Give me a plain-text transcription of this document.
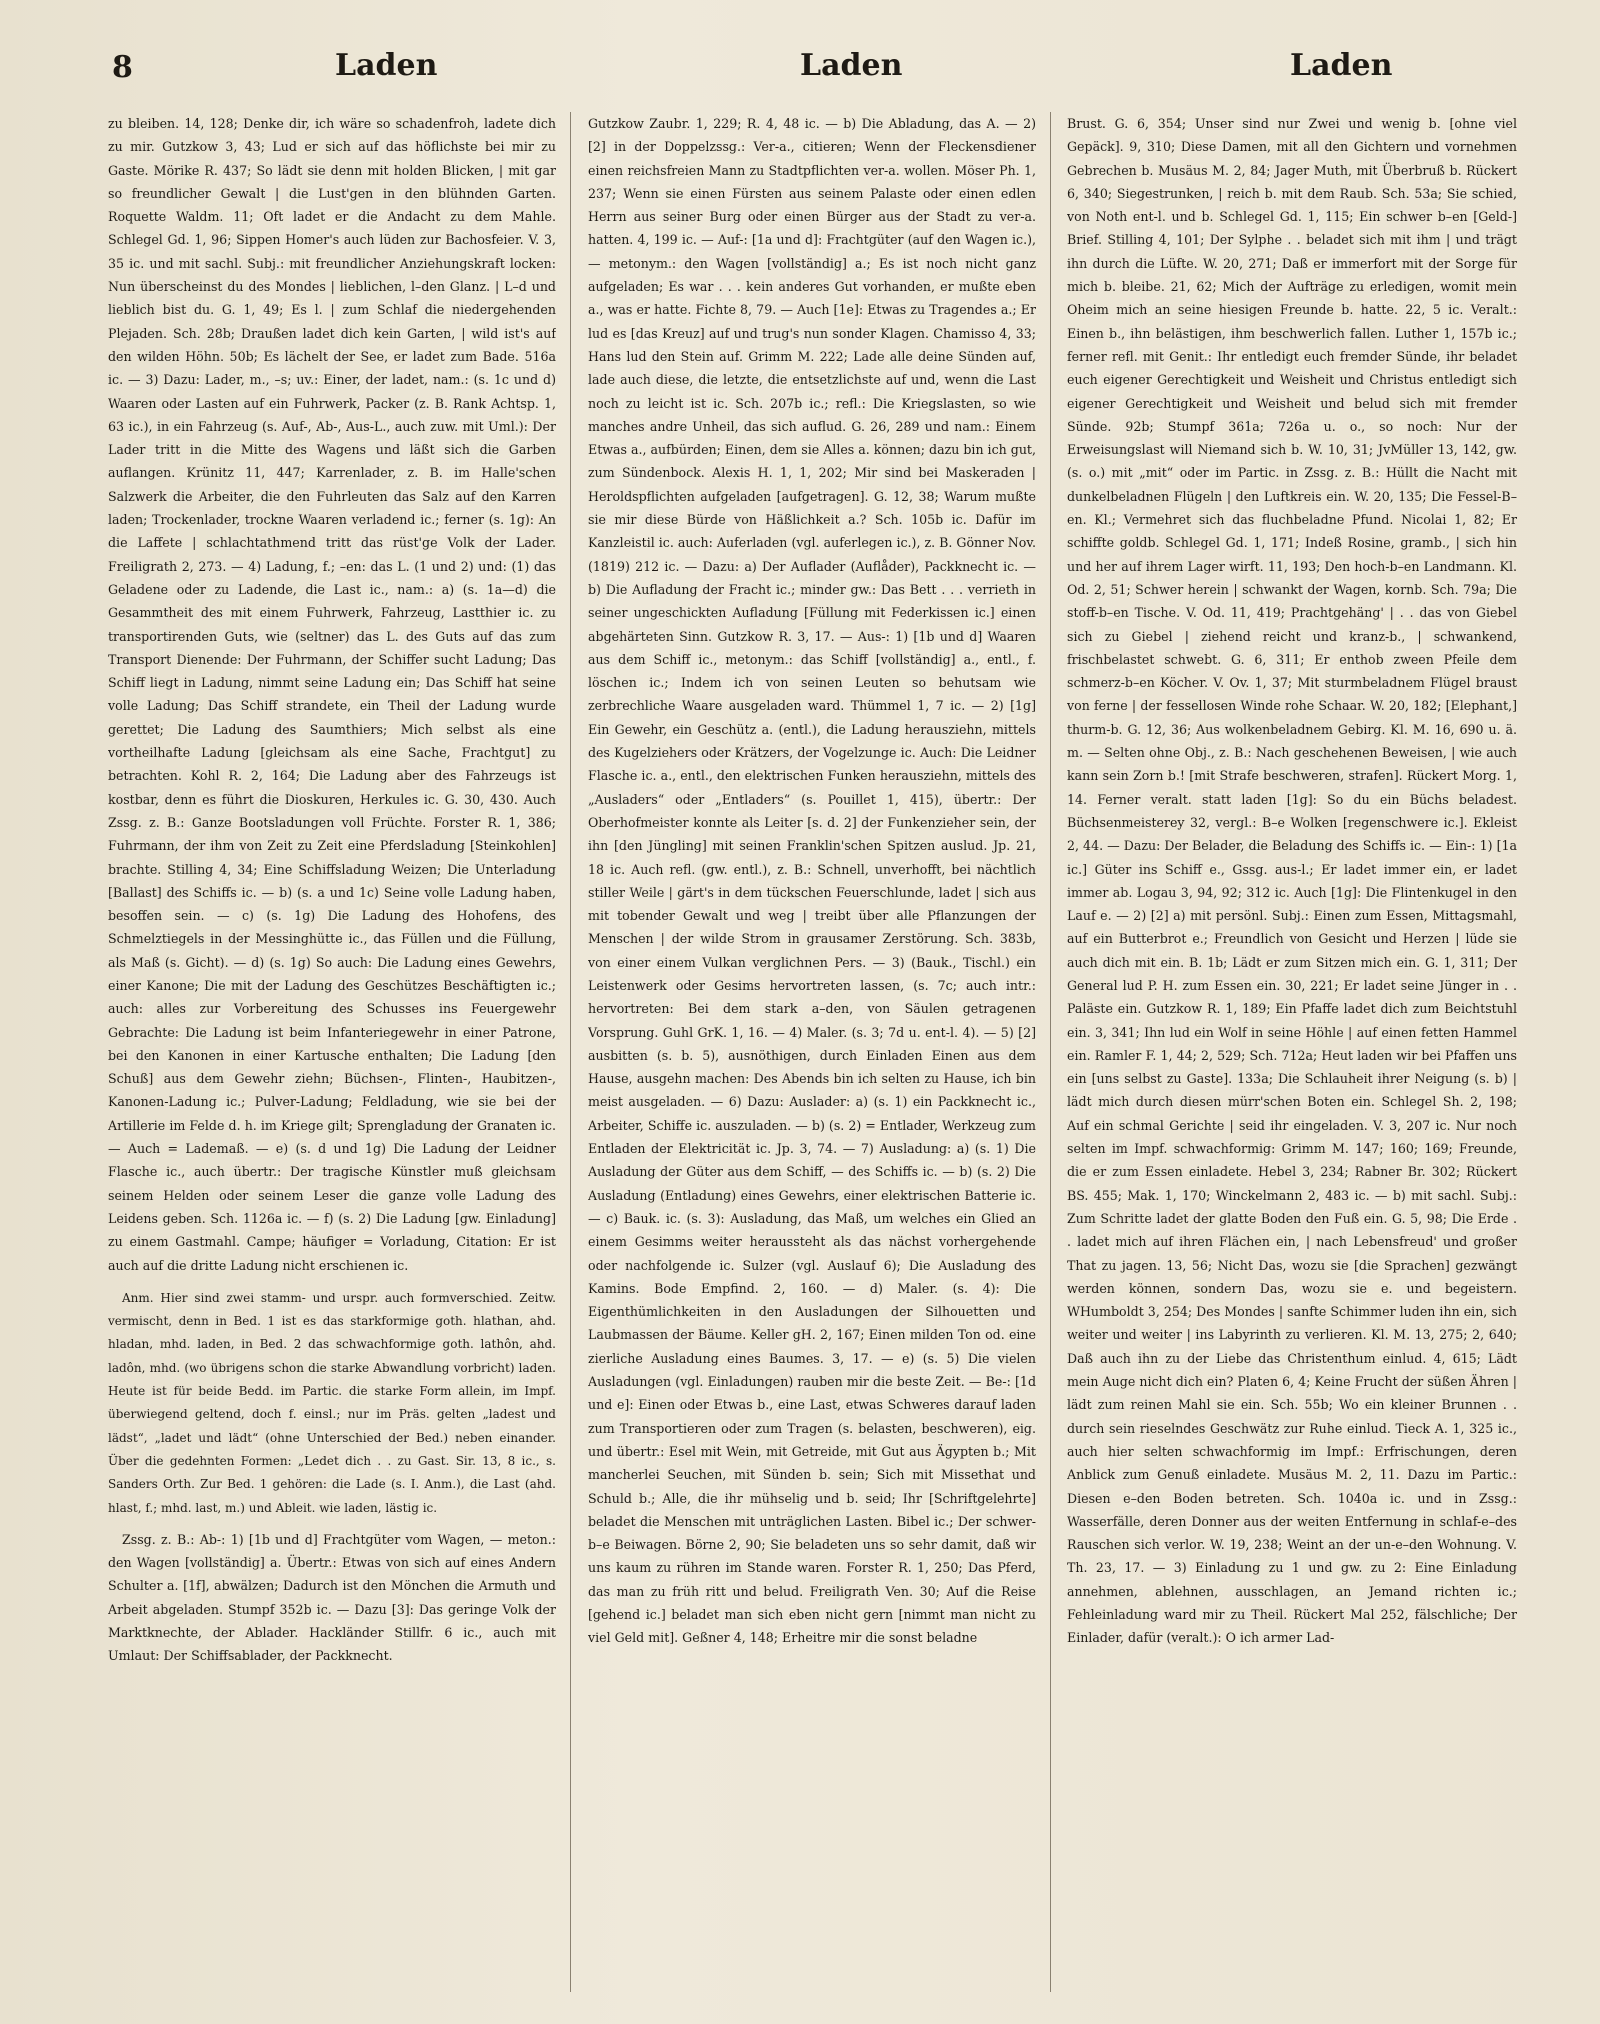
8	Laden	Laden	Laden

zu bleiben. 14, 128; Denke dir, ich wäre so schadenfroh, ladete dich zu mir. Gutzkow 3, 43; Lud er sich auf das höflichste bei mir zu Gaste. Mörike R. 437; So lädt sie denn mit holden Blicken, | mit gar so freundlicher Gewalt | die Lust'gen in den blühnden Garten. Roquette Waldm. 11; Oft ladet er die Andacht zu dem Mahle. Schlegel Gd. 1, 96; Sippen Homer's auch lüden zur Bachosfeier. V. 3, 35 ic. und mit sachl. Subj.: mit freundlicher Anziehungskraft locken: Nun überscheinst du des Mondes | lieblichen, l–den Glanz. | L–d und lieblich bist du. G. 1, 49; Es l. | zum Schlaf die niedergehenden Plejaden. Sch. 28b; Draußen ladet dich kein Garten, | wild ist's auf den wilden Höhn. 50b; Es lächelt der See, er ladet zum Bade. 516a ic. — 3) Dazu: Lader, m., –s; uv.: Einer, der ladet, nam.: (s. 1c und d) Waaren oder Lasten auf ein Fuhrwerk, Packer (z. B. Rank Achtsp. 1, 63 ic.), in ein Fahrzeug (s. Auf-, Ab-, Aus-L., auch zuw. mit Uml.): Der Lader tritt in die Mitte des Wagens und läßt sich die Garben auflangen. Krünitz 11, 447; Karrenlader, z. B. im Halle'schen Salzwerk die Arbeiter, die den Fuhrleuten das Salz auf den Karren laden; Trockenlader, trockne Waaren verladend ic.; ferner (s. 1g): An die Laffete | schlachtathmend tritt das rüst'ge Volk der Lader. Freiligrath 2, 273. — 4) Ladung, f.; –en: das L. (1 und 2) und: (1) das Geladene oder zu Ladende, die Last ic., nam.: a) (s. 1a—d) die Gesammtheit des mit einem Fuhrwerk, Fahrzeug, Lastthier ic. zu transportirenden Guts, wie (seltner) das L. des Guts auf das zum Transport Dienende: Der Fuhrmann, der Schiffer sucht Ladung; Das Schiff liegt in Ladung, nimmt seine Ladung ein; Das Schiff hat seine volle Ladung; Das Schiff strandete, ein Theil der Ladung wurde gerettet; Die Ladung des Saumthiers; Mich selbst als eine vortheilhafte Ladung [gleichsam als eine Sache, Frachtgut] zu betrachten. Kohl R. 2, 164; Die Ladung aber des Fahrzeugs ist kostbar, denn es führt die Dioskuren, Herkules ic. G. 30, 430. Auch Zssg. z. B.: Ganze Bootsladungen voll Früchte. Forster R. 1, 386; Fuhrmann, der ihm von Zeit zu Zeit eine Pferdsladung [Steinkohlen] brachte. Stilling 4, 34; Eine Schiffsladung Weizen; Die Unterladung [Ballast] des Schiffs ic. — b) (s. a und 1c) Seine volle Ladung haben, besoffen sein. — c) (s. 1g) Die Ladung des Hohofens, des Schmelztiegels in der Messinghütte ic., das Füllen und die Füllung, als Maß (s. Gicht). — d) (s. 1g) So auch: Die Ladung eines Gewehrs, einer Kanone; Die mit der Ladung des Geschützes Beschäftigten ic.; auch: alles zur Vorbereitung des Schusses ins Feuergewehr Gebrachte: Die Ladung ist beim Infanteriegewehr in einer Patrone, bei den Kanonen in einer Kartusche enthalten; Die Ladung [den Schuß] aus dem Gewehr ziehn; Büchsen-, Flinten-, Haubitzen-, Kanonen-Ladung ic.; Pulver-Ladung; Feldladung, wie sie bei der Artillerie im Felde d. h. im Kriege gilt; Sprengladung der Granaten ic. — Auch = Lademaß. — e) (s. d und 1g) Die Ladung der Leidner Flasche ic., auch übertr.: Der tragische Künstler muß gleichsam seinem Helden oder seinem Leser die ganze volle Ladung des Leidens geben. Sch. 1126a ic. — f) (s. 2) Die Ladung [gw. Einladung] zu einem Gastmahl. Campe; häufiger = Vorladung, Citation: Er ist auch auf die dritte Ladung nicht erschienen ic.

Anm. Hier sind zwei stamm- und urspr. auch formverschied. Zeitw. vermischt, denn in Bed. 1 ist es das starkformige goth. hlathan, ahd. hladan, mhd. laden, in Bed. 2 das schwachformige goth. lathôn, ahd. ladôn, mhd. (wo übrigens schon die starke Abwandlung vorbricht) laden. Heute ist für beide Bedd. im Partic. die starke Form allein, im Impf. überwiegend geltend, doch f. einsl.; nur im Präs. gelten „ladest und lädst“, „ladet und lädt“ (ohne Unterschied der Bed.) neben einander. Über die gedehnten Formen: „Ledet dich . . zu Gast. Sir. 13, 8 ic., s. Sanders Orth. Zur Bed. 1 gehören: die Lade (s. I. Anm.), die Last (ahd. hlast, f.; mhd. last, m.) und Ableit. wie laden, lästig ic.

Zssg. z. B.: Ab-: 1) [1b und d] Frachtgüter vom Wagen, — meton.: den Wagen [vollständig] a. Übertr.: Etwas von sich auf eines Andern Schulter a. [1f], abwälzen; Dadurch ist den Mönchen die Armuth und Arbeit abgeladen. Stumpf 352b ic. — Dazu [3]: Das geringe Volk der Marktknechte, der Ablader. Hackländer Stillfr. 6 ic., auch mit Umlaut: Der Schiffsablader, der Packknecht.

Gutzkow Zaubr. 1, 229; R. 4, 48 ic. — b) Die Abladung, das A. — 2) [2] in der Doppelzssg.: Ver-a., citieren; Wenn der Fleckensdiener einen reichsfreien Mann zu Stadtpflichten ver-a. wollen. Möser Ph. 1, 237; Wenn sie einen Fürsten aus seinem Palaste oder einen edlen Herrn aus seiner Burg oder einen Bürger aus der Stadt zu ver-a. hatten. 4, 199 ic. — Auf-: [1a und d]: Frachtgüter (auf den Wagen ic.), — metonym.: den Wagen [vollständig] a.; Es ist noch nicht ganz aufgeladen; Es war . . . kein anderes Gut vorhanden, er mußte eben a., was er hatte. Fichte 8, 79. — Auch [1e]: Etwas zu Tragendes a.; Er lud es [das Kreuz] auf und trug's nun sonder Klagen. Chamisso 4, 33; Hans lud den Stein auf. Grimm M. 222; Lade alle deine Sünden auf, lade auch diese, die letzte, die entsetzlichste auf und, wenn die Last noch zu leicht ist ic. Sch. 207b ic.; refl.: Die Kriegslasten, so wie manches andre Unheil, das sich auflud. G. 26, 289 und nam.: Einem Etwas a., aufbürden; Einen, dem sie Alles a. können; dazu bin ich gut, zum Sündenbock. Alexis H. 1, 1, 202; Mir sind bei Maskeraden | Heroldspflichten aufgeladen [aufgetragen]. G. 12, 38; Warum mußte sie mir diese Bürde von Häßlichkeit a.? Sch. 105b ic. Dafür im Kanzleistil ic. auch: Auferladen (vgl. auferlegen ic.), z. B. Gönner Nov. (1819) 212 ic. — Dazu: a) Der Auflader (Auflåder), Packknecht ic. — b) Die Aufladung der Fracht ic.; minder gw.: Das Bett . . . verrieth in seiner ungeschickten Aufladung [Füllung mit Federkissen ic.] einen abgehärteten Sinn. Gutzkow R. 3, 17. — Aus-: 1) [1b und d] Waaren aus dem Schiff ic., metonym.: das Schiff [vollständig] a., entl., f. löschen ic.; Indem ich von seinen Leuten so behutsam wie zerbrechliche Waare ausgeladen ward. Thümmel 1, 7 ic. — 2) [1g] Ein Gewehr, ein Geschütz a. (entl.), die Ladung herausziehn, mittels des Kugelziehers oder Krätzers, der Vogelzunge ic. Auch: Die Leidner Flasche ic. a., entl., den elektrischen Funken herausziehn, mittels des „Ausladers“ oder „Entladers“ (s. Pouillet 1, 415), übertr.: Der Oberhofmeister konnte als Leiter [s. d. 2] der Funkenzieher sein, der ihn [den Jüngling] mit seinen Franklin'schen Spitzen auslud. Jp. 21, 18 ic. Auch refl. (gw. entl.), z. B.: Schnell, unverhofft, bei nächtlich stiller Weile | gärt's in dem tückschen Feuerschlunde, ladet | sich aus mit tobender Gewalt und weg | treibt über alle Pflanzungen der Menschen | der wilde Strom in grausamer Zerstörung. Sch. 383b, von einer einem Vulkan verglichnen Pers. — 3) (Bauk., Tischl.) ein Leistenwerk oder Gesims hervortreten lassen, (s. 7c; auch intr.: hervortreten: Bei dem stark a–den, von Säulen getragenen Vorsprung. Guhl GrK. 1, 16. — 4) Maler. (s. 3; 7d u. ent-l. 4). — 5) [2] ausbitten (s. b. 5), ausnöthigen, durch Einladen Einen aus dem Hause, ausgehn machen: Des Abends bin ich selten zu Hause, ich bin meist ausgeladen. — 6) Dazu: Auslader: a) (s. 1) ein Packknecht ic., Arbeiter, Schiffe ic. auszuladen. — b) (s. 2) = Entlader, Werkzeug zum Entladen der Elektricität ic. Jp. 3, 74. — 7) Ausladung: a) (s. 1) Die Ausladung der Güter aus dem Schiff, — des Schiffs ic. — b) (s. 2) Die Ausladung (Entladung) eines Gewehrs, einer elektrischen Batterie ic. — c) Bauk. ic. (s. 3): Ausladung, das Maß, um welches ein Glied an einem Gesimms weiter heraussteht als das nächst vorhergehende oder nachfolgende ic. Sulzer (vgl. Auslauf 6); Die Ausladung des Kamins. Bode Empfind. 2, 160. — d) Maler. (s. 4): Die Eigenthümlichkeiten in den Ausladungen der Silhouetten und Laubmassen der Bäume. Keller gH. 2, 167; Einen milden Ton od. eine zierliche Ausladung eines Baumes. 3, 17. — e) (s. 5) Die vielen Ausladungen (vgl. Einladungen) rauben mir die beste Zeit. — Be-: [1d und e]: Einen oder Etwas b., eine Last, etwas Schweres darauf laden zum Transportieren oder zum Tragen (s. belasten, beschweren), eig. und übertr.: Esel mit Wein, mit Getreide, mit Gut aus Ägypten b.; Mit mancherlei Seuchen, mit Sünden b. sein; Sich mit Missethat und Schuld b.; Alle, die ihr mühselig und b. seid; Ihr [Schriftgelehrte] beladet die Menschen mit unträglichen Lasten. Bibel ic.; Der schwer-b–e Beiwagen. Börne 2, 90; Sie beladeten uns so sehr damit, daß wir uns kaum zu rühren im Stande waren. Forster R. 1, 250; Das Pferd, das man zu früh ritt und belud. Freiligrath Ven. 30; Auf die Reise [gehend ic.] beladet man sich eben nicht gern [nimmt man nicht zu viel Geld mit]. Geßner 4, 148; Erheitre mir die sonst beladne

Brust. G. 6, 354; Unser sind nur Zwei und wenig b. [ohne viel Gepäck]. 9, 310; Diese Damen, mit all den Gichtern und vornehmen Gebrechen b. Musäus M. 2, 84; Jager Muth, mit Überbruß b. Rückert 6, 340; Siegestrunken, | reich b. mit dem Raub. Sch. 53a; Sie schied, von Noth ent-l. und b. Schlegel Gd. 1, 115; Ein schwer b–en [Geld-] Brief. Stilling 4, 101; Der Sylphe . . beladet sich mit ihm | und trägt ihn durch die Lüfte. W. 20, 271; Daß er immerfort mit der Sorge für mich b. bleibe. 21, 62; Mich der Aufträge zu erledigen, womit mein Oheim mich an seine hiesigen Freunde b. hatte. 22, 5 ic. Veralt.: Einen b., ihn belästigen, ihm beschwerlich fallen. Luther 1, 157b ic.; ferner refl. mit Genit.: Ihr entledigt euch fremder Sünde, ihr beladet euch eigener Gerechtigkeit und Weisheit und Christus entledigt sich eigener Gerechtigkeit und Weisheit und belud sich mit fremder Sünde. 92b; Stumpf 361a; 726a u. o., so noch: Nur der Erweisungslast will Niemand sich b. W. 10, 31; JvMüller 13, 142, gw. (s. o.) mit „mit“ oder im Partic. in Zssg. z. B.: Hüllt die Nacht mit dunkelbeladnen Flügeln | den Luftkreis ein. W. 20, 135; Die Fessel-B–en. Kl.; Vermehret sich das fluchbeladne Pfund. Nicolai 1, 82; Er schiffte goldb. Schlegel Gd. 1, 171; Indeß Rosine, gramb., | sich hin und her auf ihrem Lager wirft. 11, 193; Den hoch-b–en Landmann. Kl. Od. 2, 51; Schwer herein | schwankt der Wagen, kornb. Sch. 79a; Die stoff-b–en Tische. V. Od. 11, 419; Prachtgehäng' | . . das von Giebel sich zu Giebel | ziehend reicht und kranz-b., | schwankend, frischbelastet schwebt. G. 6, 311; Er enthob zween Pfeile dem schmerz-b–en Köcher. V. Ov. 1, 37; Mit sturmbeladnem Flügel braust von ferne | der fessellosen Winde rohe Schaar. W. 20, 182; [Elephant,] thurm-b. G. 12, 36; Aus wolkenbeladnem Gebirg. Kl. M. 16, 690 u. ä. m. — Selten ohne Obj., z. B.: Nach geschehenen Beweisen, | wie auch kann sein Zorn b.! [mit Strafe beschweren, strafen]. Rückert Morg. 1, 14. Ferner veralt. statt laden [1g]: So du ein Büchs beladest. Büchsenmeisterey 32, vergl.: B–e Wolken [regenschwere ic.]. Ekleist 2, 44. — Dazu: Der Belader, die Beladung des Schiffs ic. — Ein-: 1) [1a ic.] Güter ins Schiff e., Gssg. aus-l.; Er ladet immer ein, er ladet immer ab. Logau 3, 94, 92; 312 ic. Auch [1g]: Die Flintenkugel in den Lauf e. — 2) [2] a) mit persönl. Subj.: Einen zum Essen, Mittagsmahl, auf ein Butterbrot e.; Freundlich von Gesicht und Herzen | lüde sie auch dich mit ein. B. 1b; Lädt er zum Sitzen mich ein. G. 1, 311; Der General lud P. H. zum Essen ein. 30, 221; Er ladet seine Jünger in . . Paläste ein. Gutzkow R. 1, 189; Ein Pfaffe ladet dich zum Beichtstuhl ein. 3, 341; Ihn lud ein Wolf in seine Höhle | auf einen fetten Hammel ein. Ramler F. 1, 44; 2, 529; Sch. 712a; Heut laden wir bei Pfaffen uns ein [uns selbst zu Gaste]. 133a; Die Schlauheit ihrer Neigung (s. b) | lädt mich durch diesen mürr'schen Boten ein. Schlegel Sh. 2, 198; Auf ein schmal Gerichte | seid ihr eingeladen. V. 3, 207 ic. Nur noch selten im Impf. schwachformig: Grimm M. 147; 160; 169; Freunde, die er zum Essen einladete. Hebel 3, 234; Rabner Br. 302; Rückert BS. 455; Mak. 1, 170; Winckelmann 2, 483 ic. — b) mit sachl. Subj.: Zum Schritte ladet der glatte Boden den Fuß ein. G. 5, 98; Die Erde . . ladet mich auf ihren Flächen ein, | nach Lebensfreud' und großer That zu jagen. 13, 56; Nicht Das, wozu sie [die Sprachen] gezwängt werden können, sondern Das, wozu sie e. und begeistern. WHumboldt 3, 254; Des Mondes | sanfte Schimmer luden ihn ein, sich weiter und weiter | ins Labyrinth zu verlieren. Kl. M. 13, 275; 2, 640; Daß auch ihn zu der Liebe das Christenthum einlud. 4, 615; Lädt mein Auge nicht dich ein? Platen 6, 4; Keine Frucht der süßen Ähren | lädt zum reinen Mahl sie ein. Sch. 55b; Wo ein kleiner Brunnen . . durch sein rieselndes Geschwätz zur Ruhe einlud. Tieck A. 1, 325 ic., auch hier selten schwachformig im Impf.: Erfrischungen, deren Anblick zum Genuß einladete. Musäus M. 2, 11. Dazu im Partic.: Diesen e–den Boden betreten. Sch. 1040a ic. und in Zssg.: Wasserfälle, deren Donner aus der weiten Entfernung in schlaf-e–des Rauschen sich verlor. W. 19, 238; Weint an der un-e–den Wohnung. V. Th. 23, 17. — 3) Einladung zu 1 und gw. zu 2: Eine Einladung annehmen, ablehnen, ausschlagen, an Jemand richten ic.; Fehleinladung ward mir zu Theil. Rückert Mal 252, fälschliche; Der Einlader, dafür (veralt.): O ich armer Lad-
